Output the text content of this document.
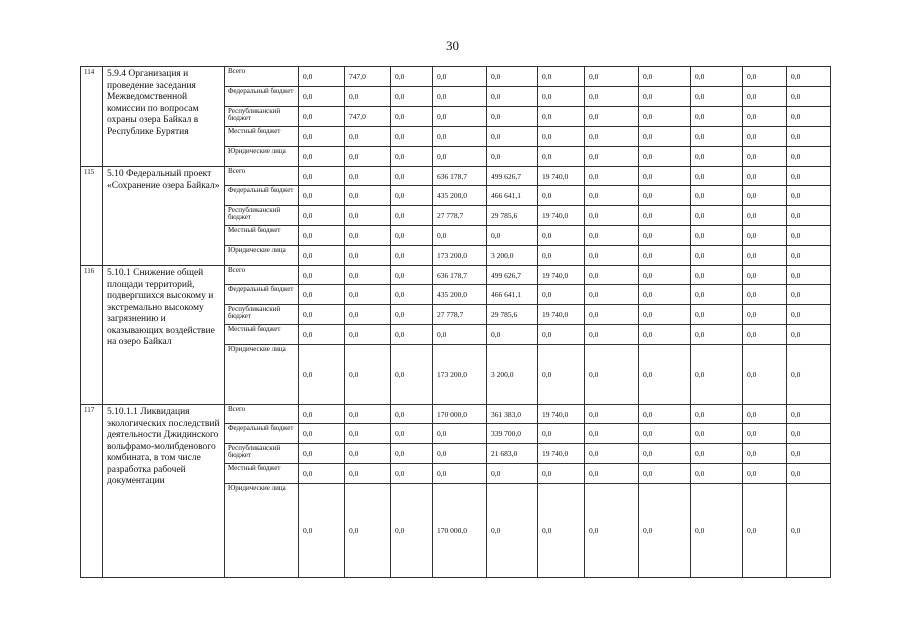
30
114	5.9.4 Организация и проведение заседания Межведомственной комиссии по вопросам охраны озера Байкал в Республике Бурятия	Всего	0,0	747,0	0,0	0,0	0,0	0,0	0,0	0,0	0,0	0,0	0,0
		Федеральный бюджет	0,0	0,0	0,0	0,0	0,0	0,0	0,0	0,0	0,0	0,0	0,0
		Республиканский бюджет	0,0	747,0	0,0	0,0	0,0	0,0	0,0	0,0	0,0	0,0	0,0
		Местный бюджет	0,0	0,0	0,0	0,0	0,0	0,0	0,0	0,0	0,0	0,0	0,0
		Юридические лица	0,0	0,0	0,0	0,0	0,0	0,0	0,0	0,0	0,0	0,0	0,0
115	5.10 Федеральный проект «Сохранение озера Байкал»	Всего	0,0	0,0	0,0	636 178,7	499 626,7	19 740,0	0,0	0,0	0,0	0,0	0,0
		Федеральный бюджет	0,0	0,0	0,0	435 200,0	466 641,1	0,0	0,0	0,0	0,0	0,0	0,0
		Республиканский бюджет	0,0	0,0	0,0	27 778,7	29 785,6	19 740,0	0,0	0,0	0,0	0,0	0,0
		Местный бюджет	0,0	0,0	0,0	0,0	0,0	0,0	0,0	0,0	0,0	0,0	0,0
		Юридические лица	0,0	0,0	0,0	173 200,0	3 200,0	0,0	0,0	0,0	0,0	0,0	0,0
116	5.10.1 Снижение общей площади территорий, подвергшихся высокому и экстремально высокому загрязнению и оказывающих воздействие на озеро Байкал	Всего	0,0	0,0	0,0	636 178,7	499 626,7	19 740,0	0,0	0,0	0,0	0,0	0,0
		Федеральный бюджет	0,0	0,0	0,0	435 200,0	466 641,1	0,0	0,0	0,0	0,0	0,0	0,0
		Республиканский бюджет	0,0	0,0	0,0	27 778,7	29 785,6	19 740,0	0,0	0,0	0,0	0,0	0,0
		Местный бюджет	0,0	0,0	0,0	0,0	0,0	0,0	0,0	0,0	0,0	0,0	0,0
		Юридические лица	0,0	0,0	0,0	173 200,0	3 200,0	0,0	0,0	0,0	0,0	0,0	0,0
117	5.10.1.1 Ликвидация экологических последствий деятельности Джидинского вольфрамо-молибденового комбината, в том числе разработка рабочей документации	Всего	0,0	0,0	0,0	170 000,0	361 383,0	19 740,0	0,0	0,0	0,0	0,0	0,0
		Федеральный бюджет	0,0	0,0	0,0	0,0	339 700,0	0,0	0,0	0,0	0,0	0,0	0,0
		Республиканский бюджет	0,0	0,0	0,0	0,0	21 683,0	19 740,0	0,0	0,0	0,0	0,0	0,0
		Местный бюджет	0,0	0,0	0,0	0,0	0,0	0,0	0,0	0,0	0,0	0,0	0,0
		Юридические лица	0,0	0,0	0,0	170 000,0	0,0	0,0	0,0	0,0	0,0	0,0	0,0
